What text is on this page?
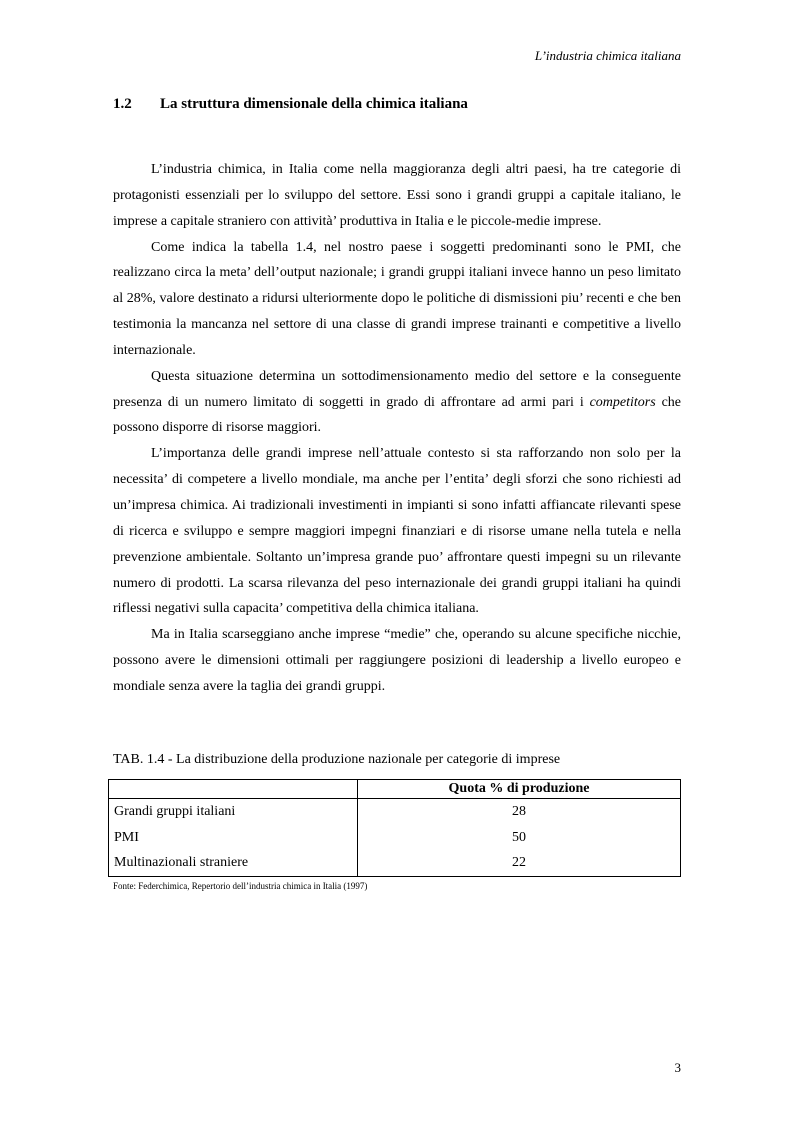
L’industria chimica italiana
1.2 La struttura dimensionale della chimica italiana

L’industria chimica, in Italia come nella maggioranza degli altri paesi, ha tre categorie di protagonisti essenziali per lo sviluppo del settore. Essi sono i grandi gruppi a capitale italiano, le imprese a capitale straniero con attività’ produttiva in Italia e le piccole-medie imprese.

Come indica la tabella 1.4, nel nostro paese i soggetti predominanti sono le PMI, che realizzano circa la meta’ dell’output nazionale; i grandi gruppi italiani invece hanno un peso limitato al 28%, valore destinato a ridursi ulteriormente dopo le politiche di dismissioni piu’ recenti e che ben testimonia la mancanza nel settore di una classe di grandi imprese trainanti e competitive a livello internazionale.

Questa situazione determina un sottodimensionamento medio del settore e la conseguente presenza di un numero limitato di soggetti in grado di affrontare ad armi pari i competitors che possono disporre di risorse maggiori.

L’importanza delle grandi imprese nell’attuale contesto si sta rafforzando non solo per la necessita’ di competere a livello mondiale, ma anche per l’entita’ degli sforzi che sono richiesti ad un’impresa chimica. Ai tradizionali investimenti in impianti si sono infatti affiancate rilevanti spese di ricerca e sviluppo e sempre maggiori impegni finanziari e di risorse umane nella tutela e nella prevenzione ambientale. Soltanto un’impresa grande puo’ affrontare questi impegni su un rilevante numero di prodotti. La scarsa rilevanza del peso internazionale dei grandi gruppi italiani ha quindi riflessi negativi sulla capacita’ competitiva della chimica italiana.

Ma in Italia scarseggiano anche imprese “medie” che, operando su alcune specifiche nicchie, possono avere le dimensioni ottimali per raggiungere posizioni di leadership a livello europeo e mondiale senza avere la taglia dei grandi gruppi.

TAB. 1.4 - La distribuzione della produzione nazionale per categorie di imprese
	Quota % di produzione
Grandi gruppi italiani	28
PMI	50
Multinazionali straniere	22
Fonte: Federchimica, Repertorio dell’industria chimica in Italia (1997)
3
